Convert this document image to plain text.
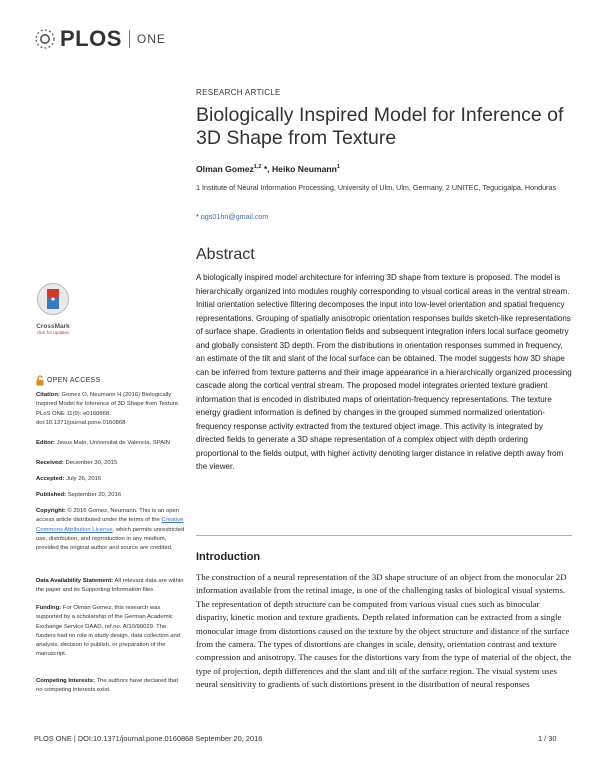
PLOS ONE
RESEARCH ARTICLE
Biologically Inspired Model for Inference of 3D Shape from Texture
Olman Gomez$^{1,2}$ *, Heiko Neumann$^1$
1 Institute of Neural Information Processing, University of Ulm, Ulm, Germany, 2 UNITEC, Tegucigalpa, Honduras
* ogs01hn@gmail.com
Abstract
A biologically inspired model architecture for inferring 3D shape from texture is proposed. The model is hierarchically organized into modules roughly corresponding to visual cortical areas in the ventral stream. Initial orientation selective filtering decomposes the input into low-level orientation and spatial frequency representations. Grouping of spatially anisotropic orientation responses builds sketch-like representations of surface shape. Gradients in orientation fields and subsequent integration infers local surface geometry and globally consistent 3D depth. From the distributions in orientation responses summed in frequency, an estimate of the tilt and slant of the local surface can be obtained. The model suggests how 3D shape can be inferred from texture patterns and their image appearance in a hierarchically organized processing cascade along the cortical ventral stream. The proposed model integrates oriented texture gradient information that is encoded in distributed maps of orientation-frequency representations. The texture energy gradient information is defined by changes in the grouped summed normalized orientation-frequency response activity extracted from the textured object image. This activity is integrated by directed fields to generate a 3D shape representation of a complex object with depth ordering proportional to the fields output, with higher activity denoting larger distance in relative depth away from the viewer.
Introduction
The construction of a neural representation of the 3D shape structure of an object from the monocular 2D information available from the retinal image, is one of the challenging tasks of biological visual systems. The representation of depth structure can be computed from various visual cues such as binocular disparity, kinetic motion and texture gradients. Depth related information can be extracted from a single monocular image from distortions caused on the texture by the object structure and distance of the surface from the camera. The types of distortions are changes in scale, density, orientation contrast and texture compression and anisotropy. The causes for the distortions vary from the type of material of the object, the type of projection, depth differences and the slant and tilt of the surface region. The visual system uses neural sensitivity to gradients of such distortions present in the distribution of neural responses
CrossMark
click for updates
OPEN ACCESS
Citation: Gomez O, Neumann H (2016) Biologically Inspired Model for Inference of 3D Shape from Texture. PLoS ONE 11(9): e0160868. doi:10.1371/journal.pone.0160868
Editor: Jesus Malo, Universitat de Valencia, SPAIN
Received: December 30, 2015
Accepted: July 26, 2016
Published: September 20, 2016
Copyright: © 2016 Gomez, Neumann. This is an open access article distributed under the terms of the Creative Commons Attribution License, which permits unrestricted use, distribution, and reproduction in any medium, provided the original author and source are credited.
Data Availability Statement: All relevant data are within the paper and its Supporting Information files.
Funding: For Olman Gomez, this research was supported by a scholarship of the German Academic Exchange Service DAAD, ref.no. A/10/90029. The funders had no role in study design, data collection and analysis, decision to publish, or preparation of the manuscript.
Competing Interests: The authors have declared that no competing interests exist.
PLOS ONE | DOI:10.1371/journal.pone.0160868 September 20, 2016	1 / 30
